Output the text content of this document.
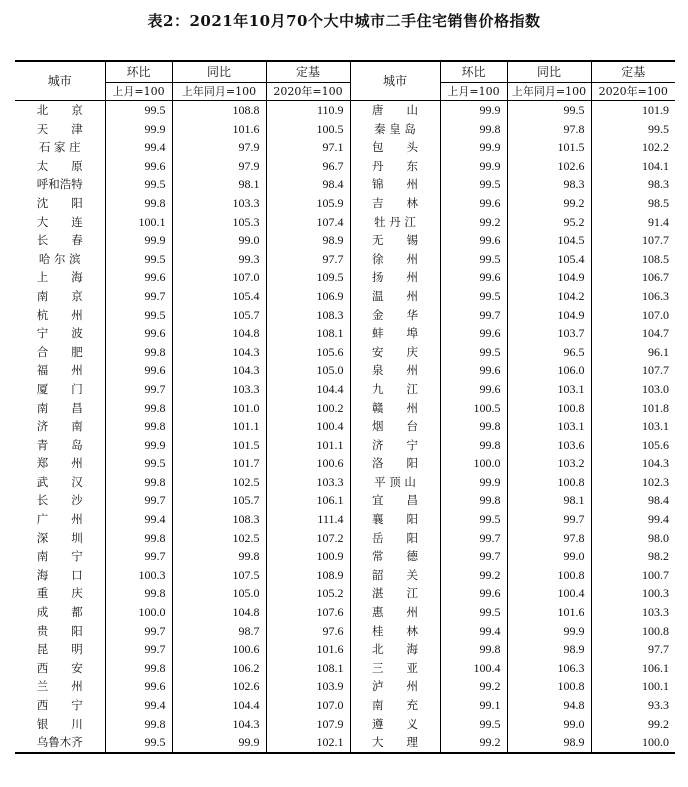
表2：2021年10月70个大中城市二手住宅销售价格指数
城市	环比	同比	定基	城市	环比	同比	定基
	上月=100	上年同月=100	2020年=100		上月=100	上年同月=100	2020年=100
北　　京	99.5	108.8	110.9	唐　　山	99.9	99.5	101.9
天　　津	99.9	101.6	100.5	秦 皇 岛	99.8	97.8	99.5
石 家 庄	99.4	97.9	97.1	包　　头	99.9	101.5	102.2
太　　原	99.6	97.9	96.7	丹　　东	99.9	102.6	104.1
呼和浩特	99.5	98.1	98.4	锦　　州	99.5	98.3	98.3
沈　　阳	99.8	103.3	105.9	吉　　林	99.6	99.2	98.5
大　　连	100.1	105.3	107.4	牡 丹 江	99.2	95.2	91.4
长　　春	99.9	99.0	98.9	无　　锡	99.6	104.5	107.7
哈 尔 滨	99.5	99.3	97.7	徐　　州	99.5	105.4	108.5
上　　海	99.6	107.0	109.5	扬　　州	99.6	104.9	106.7
南　　京	99.7	105.4	106.9	温　　州	99.5	104.2	106.3
杭　　州	99.5	105.7	108.3	金　　华	99.7	104.9	107.0
宁　　波	99.6	104.8	108.1	蚌　　埠	99.6	103.7	104.7
合　　肥	99.8	104.3	105.6	安　　庆	99.5	96.5	96.1
福　　州	99.6	104.3	105.0	泉　　州	99.6	106.0	107.7
厦　　门	99.7	103.3	104.4	九　　江	99.6	103.1	103.0
南　　昌	99.8	101.0	100.2	赣　　州	100.5	100.8	101.8
济　　南	99.8	101.1	100.4	烟　　台	99.8	103.1	103.1
青　　岛	99.9	101.5	101.1	济　　宁	99.8	103.6	105.6
郑　　州	99.5	101.7	100.6	洛　　阳	100.0	103.2	104.3
武　　汉	99.8	102.5	103.3	平 顶 山	99.9	100.8	102.3
长　　沙	99.7	105.7	106.1	宜　　昌	99.8	98.1	98.4
广　　州	99.4	108.3	111.4	襄　　阳	99.5	99.7	99.4
深　　圳	99.8	102.5	107.2	岳　　阳	99.7	97.8	98.0
南　　宁	99.7	99.8	100.9	常　　德	99.7	99.0	98.2
海　　口	100.3	107.5	108.9	韶　　关	99.2	100.8	100.7
重　　庆	99.8	105.0	105.2	湛　　江	99.6	100.4	100.3
成　　都	100.0	104.8	107.6	惠　　州	99.5	101.6	103.3
贵　　阳	99.7	98.7	97.6	桂　　林	99.4	99.9	100.8
昆　　明	99.7	100.6	101.6	北　　海	99.8	98.9	97.7
西　　安	99.8	106.2	108.1	三　　亚	100.4	106.3	106.1
兰　　州	99.6	102.6	103.9	泸　　州	99.2	100.8	100.1
西　　宁	99.4	104.4	107.0	南　　充	99.1	94.8	93.3
银　　川	99.8	104.3	107.9	遵　　义	99.5	99.0	99.2
乌鲁木齐	99.5	99.9	102.1	大　　理	99.2	98.9	100.0
